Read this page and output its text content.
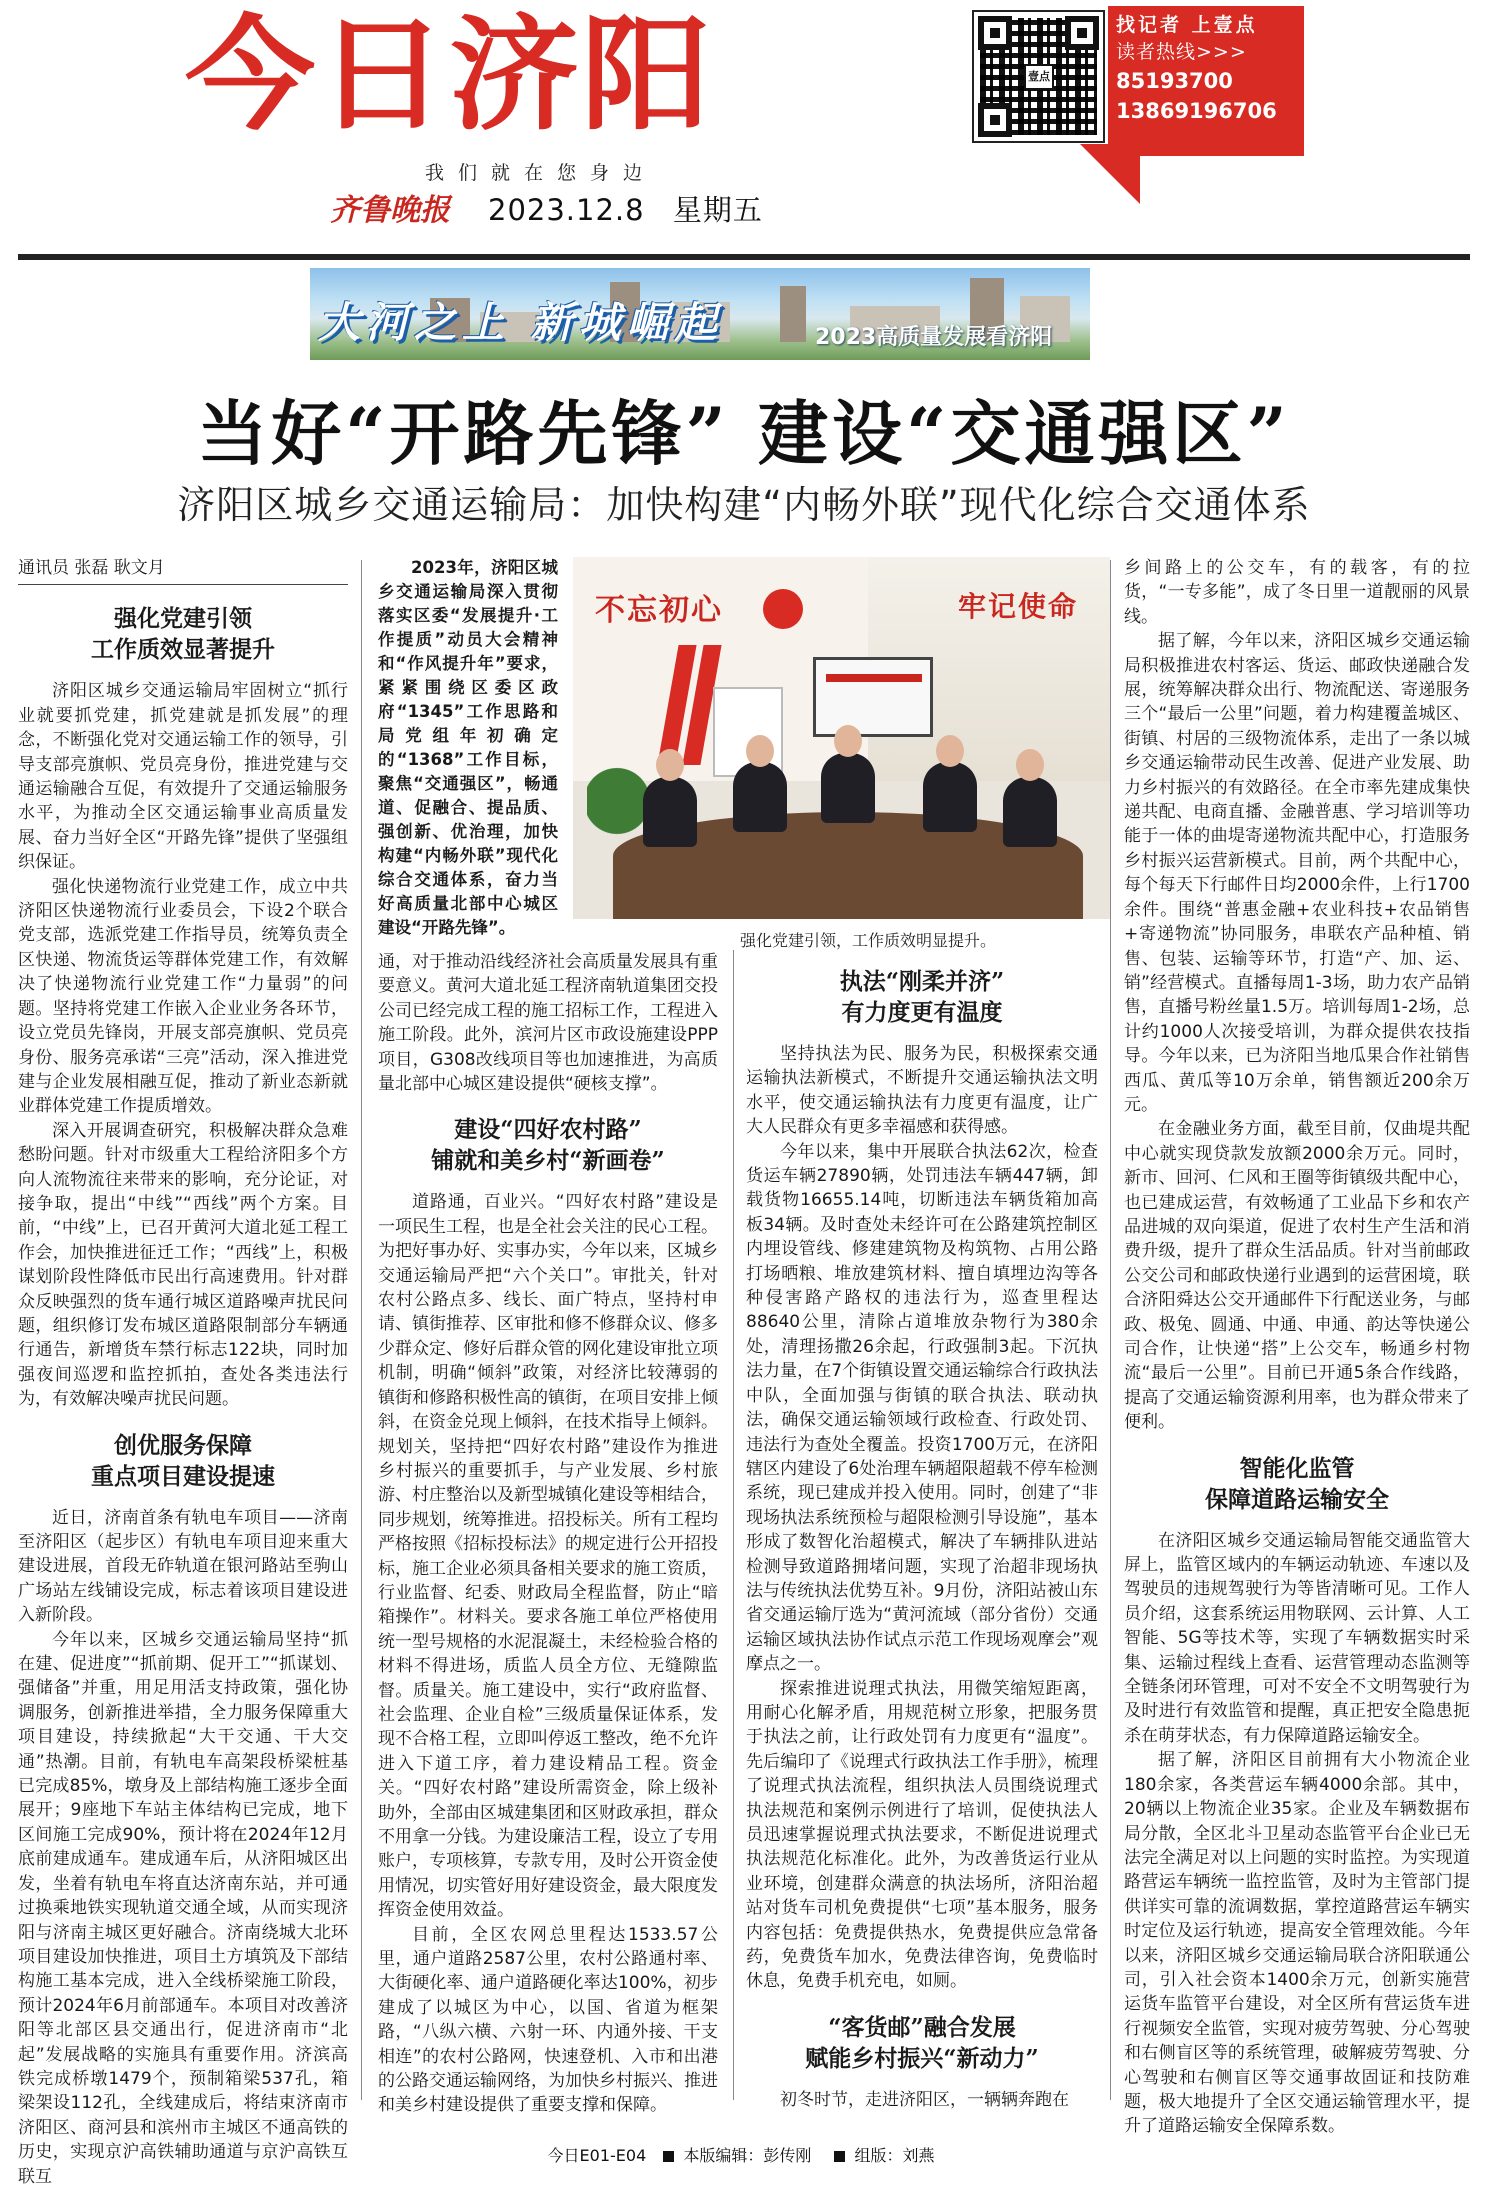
今日济阳
我们就在您身边
齐鲁晚报 2023.12.8 星期五
壹点
找记者 上壹点
读者热线>>>
85193700
13869196706
大河之上 新城崛起	2023高质量发展看济阳
当好“开路先锋” 建设“交通强区”
济阳区城乡交通运输局：加快构建“内畅外联”现代化综合交通体系
通讯员 张磊 耿文月
强化党建引领
工作质效显著提升

济阳区城乡交通运输局牢固树立“抓行业就要抓党建，抓党建就是抓发展”的理念，不断强化党对交通运输工作的领导，引导支部亮旗帜、党员亮身份，推进党建与交通运输融合互促，有效提升了交通运输服务水平，为推动全区交通运输事业高质量发展、奋力当好全区“开路先锋”提供了坚强组织保证。

强化快递物流行业党建工作，成立中共济阳区快递物流行业委员会，下设2个联合党支部，选派党建工作指导员，统筹负责全区快递、物流货运等群体党建工作，有效解决了快递物流行业党建工作“力量弱”的问题。坚持将党建工作嵌入企业业务各环节，设立党员先锋岗，开展支部亮旗帜、党员亮身份、服务亮承诺“三亮”活动，深入推进党建与企业发展相融互促，推动了新业态新就业群体党建工作提质增效。

深入开展调查研究，积极解决群众急难愁盼问题。针对市级重大工程给济阳多个方向人流物流往来带来的影响，充分论证，对接争取，提出“中线”“西线”两个方案。目前，“中线”上，已召开黄河大道北延工程工作会，加快推进征迁工作；“西线”上，积极谋划阶段性降低市民出行高速费用。针对群众反映强烈的货车通行城区道路噪声扰民问题，组织修订发布城区道路限制部分车辆通行通告，新增货车禁行标志122块，同时加强夜间巡逻和监控抓拍，查处各类违法行为，有效解决噪声扰民问题。

创优服务保障
重点项目建设提速

近日，济南首条有轨电车项目——济南至济阳区（起步区）有轨电车项目迎来重大建设进展，首段无砟轨道在银河路站至驹山广场站左线铺设完成，标志着该项目建设进入新阶段。

今年以来，区城乡交通运输局坚持“抓在建、促进度”“抓前期、促开工”“抓谋划、强储备”并重，用足用活支持政策，强化协调服务，创新推进举措，全力服务保障重大项目建设，持续掀起“大干交通、干大交通”热潮。目前，有轨电车高架段桥梁桩基已完成85%，墩身及上部结构施工逐步全面展开；9座地下车站主体结构已完成，地下区间施工完成90%，预计将在2024年12月底前建成通车。建成通车后，从济阳城区出发，坐着有轨电车将直达济南东站，并可通过换乘地铁实现轨道交通全域，从而实现济阳与济南主城区更好融合。济南绕城大北环项目建设加快推进，项目土方填筑及下部结构施工基本完成，进入全线桥梁施工阶段，预计2024年6月前部通车。本项目对改善济阳等北部区县交通出行，促进济南市“北起”发展战略的实施具有重要作用。济滨高铁完成桥墩1479个，预制箱梁537孔，箱梁架设112孔，全线建成后，将结束济南市济阳区、商河县和滨州市主城区不通高铁的历史，实现京沪高铁辅助通道与京沪高铁互联互

2023年，济阳区城乡交通运输局深入贯彻落实区委“发展提升·工作提质”动员大会精神和“作风提升年”要求，紧紧围绕区委区政府“1345”工作思路和局党组年初确定的“1368”工作目标，聚焦“交通强区”，畅通道、促融合、提品质、强创新、优治理，加快构建“内畅外联”现代化综合交通体系，奋力当好高质量北部中心城区建设“开路先锋”。

不忘初心	牢记使命
强化党建引领，工作质效明显提升。

通，对于推动沿线经济社会高质量发展具有重要意义。黄河大道北延工程济南轨道集团交投公司已经完成工程的施工招标工作，工程进入施工阶段。此外，滨河片区市政设施建设PPP项目，G308改线项目等也加速推进，为高质量北部中心城区建设提供“硬核支撑”。

建设“四好农村路”
铺就和美乡村“新画卷”

道路通，百业兴。“四好农村路”建设是一项民生工程，也是全社会关注的民心工程。为把好事办好、实事办实，今年以来，区城乡交通运输局严把“六个关口”。审批关，针对农村公路点多、线长、面广特点，坚持村申请、镇街推荐、区审批和修不修群众议、修多少群众定、修好后群众管的网化建设审批立项机制，明确“倾斜”政策，对经济比较薄弱的镇街和修路积极性高的镇街，在项目安排上倾斜，在资金兑现上倾斜，在技术指导上倾斜。规划关，坚持把“四好农村路”建设作为推进乡村振兴的重要抓手，与产业发展、乡村旅游、村庄整治以及新型城镇化建设等相结合，同步规划，统筹推进。招投标关。所有工程均严格按照《招标投标法》的规定进行公开招投标，施工企业必须具备相关要求的施工资质，行业监督、纪委、财政局全程监督，防止“暗箱操作”。材料关。要求各施工单位严格使用统一型号规格的水泥混凝土，未经检验合格的材料不得进场，质监人员全方位、无缝隙监督。质量关。施工建设中，实行“政府监督、社会监理、企业自检”三级质量保证体系，发现不合格工程，立即叫停返工整改，绝不允许进入下道工序，着力建设精品工程。资金关。“四好农村路”建设所需资金，除上级补助外，全部由区城建集团和区财政承担，群众不用拿一分钱。为建设廉洁工程，设立了专用账户，专项核算，专款专用，及时公开资金使用情况，切实管好用好建设资金，最大限度发挥资金使用效益。

目前，全区农网总里程达1533.57公里，通户道路2587公里，农村公路通村率、大街硬化率、通户道路硬化率达100%，初步建成了以城区为中心，以国、省道为框架路，“八纵六横、六射一环、内通外接、干支相连”的农村公路网，快速登机、入市和出港的公路交通运输网络，为加快乡村振兴、推进和美乡村建设提供了重要支撑和保障。

执法“刚柔并济”
有力度更有温度

坚持执法为民、服务为民，积极探索交通运输执法新模式，不断提升交通运输执法文明水平，使交通运输执法有力度更有温度，让广大人民群众有更多幸福感和获得感。

今年以来，集中开展联合执法62次，检查货运车辆27890辆，处罚违法车辆447辆，卸载货物16655.14吨，切断违法车辆货箱加高板34辆。及时查处未经许可在公路建筑控制区内埋设管线、修建建筑物及构筑物、占用公路打场晒粮、堆放建筑材料、擅自填埋边沟等各种侵害路产路权的违法行为，巡查里程达88640公里，清除占道堆放杂物行为380余处，清理扬撒26余起，行政强制3起。下沉执法力量，在7个街镇设置交通运输综合行政执法中队，全面加强与街镇的联合执法、联动执法，确保交通运输领域行政检查、行政处罚、违法行为查处全覆盖。投资1700万元，在济阳辖区内建设了6处治理车辆超限超载不停车检测系统，现已建成并投入使用。同时，创建了“非现场执法系统预检与超限检测引导设施”，基本形成了数智化治超模式，解决了车辆排队进站检测导致道路拥堵问题，实现了治超非现场执法与传统执法优势互补。9月份，济阳站被山东省交通运输厅选为“黄河流域（部分省份）交通运输区域执法协作试点示范工作现场观摩会”观摩点之一。

探索推进说理式执法，用微笑缩短距离，用耐心化解矛盾，用规范树立形象，把服务贯于执法之前，让行政处罚有力度更有“温度”。先后编印了《说理式行政执法工作手册》，梳理了说理式执法流程，组织执法人员围绕说理式执法规范和案例示例进行了培训，促使执法人员迅速掌握说理式执法要求，不断促进说理式执法规范化标准化。此外，为改善货运行业从业环境，创建群众满意的执法场所，济阳治超站对货车司机免费提供“七项”基本服务，服务内容包括：免费提供热水，免费提供应急常备药，免费货车加水，免费法律咨询，免费临时休息，免费手机充电，如厕。

“客货邮”融合发展
赋能乡村振兴“新动力”

初冬时节，走进济阳区，一辆辆奔跑在

乡间路上的公交车，有的载客，有的拉货，“一专多能”，成了冬日里一道靓丽的风景线。

据了解，今年以来，济阳区城乡交通运输局积极推进农村客运、货运、邮政快递融合发展，统筹解决群众出行、物流配送、寄递服务三个“最后一公里”问题，着力构建覆盖城区、街镇、村居的三级物流体系，走出了一条以城乡交通运输带动民生改善、促进产业发展、助力乡村振兴的有效路径。在全市率先建成集快递共配、电商直播、金融普惠、学习培训等功能于一体的曲堤寄递物流共配中心，打造服务乡村振兴运营新模式。目前，两个共配中心，每个每天下行邮件日均2000余件，上行1700余件。围绕“普惠金融+农业科技+农品销售+寄递物流”协同服务，串联农产品种植、销售、包装、运输等环节，打造“产、加、运、销”经营模式。直播每周1-3场，助力农产品销售，直播号粉丝量1.5万。培训每周1-2场，总计约1000人次接受培训，为群众提供农技指导。今年以来，已为济阳当地瓜果合作社销售西瓜、黄瓜等10万余单，销售额近200余万元。

在金融业务方面，截至目前，仅曲堤共配中心就实现贷款发放额2000余万元。同时，新市、回河、仁风和王圈等街镇级共配中心，也已建成运营，有效畅通了工业品下乡和农产品进城的双向渠道，促进了农村生产生活和消费升级，提升了群众生活品质。针对当前邮政公交公司和邮政快递行业遇到的运营困境，联合济阳舜达公交开通邮件下行配送业务，与邮政、极兔、圆通、中通、申通、韵达等快递公司合作，让快递“搭”上公交车，畅通乡村物流“最后一公里”。目前已开通5条合作线路，提高了交通运输资源利用率，也为群众带来了便利。

智能化监管
保障道路运输安全

在济阳区城乡交通运输局智能交通监管大屏上，监管区域内的车辆运动轨迹、车速以及驾驶员的违规驾驶行为等皆清晰可见。工作人员介绍，这套系统运用物联网、云计算、人工智能、5G等技术等，实现了车辆数据实时采集、运输过程线上查看、运营管理动态监测等全链条闭环管理，可对不安全不文明驾驶行为及时进行有效监管和提醒，真正把安全隐患扼杀在萌芽状态，有力保障道路运输安全。

据了解，济阳区目前拥有大小物流企业180余家，各类营运车辆4000余部。其中，20辆以上物流企业35家。企业及车辆数据布局分散，全区北斗卫星动态监管平台企业已无法完全满足对以上问题的实时监控。为实现道路营运车辆统一监控监管，及时为主管部门提供详实可靠的流调数据，掌控道路营运车辆实时定位及运行轨迹，提高安全管理效能。今年以来，济阳区城乡交通运输局联合济阳联通公司，引入社会资本1400余万元，创新实施营运货车监管平台建设，对全区所有营运货车进行视频安全监管，实现对疲劳驾驶、分心驾驶和右侧盲区等的系统管理，破解疲劳驾驶、分心驾驶和右侧盲区等交通事故固证和技防难题，极大地提升了全区交通运输管理水平，提升了道路运输安全保障系数。

今日E01-E04 本版编辑：彭传刚	组版：刘燕
